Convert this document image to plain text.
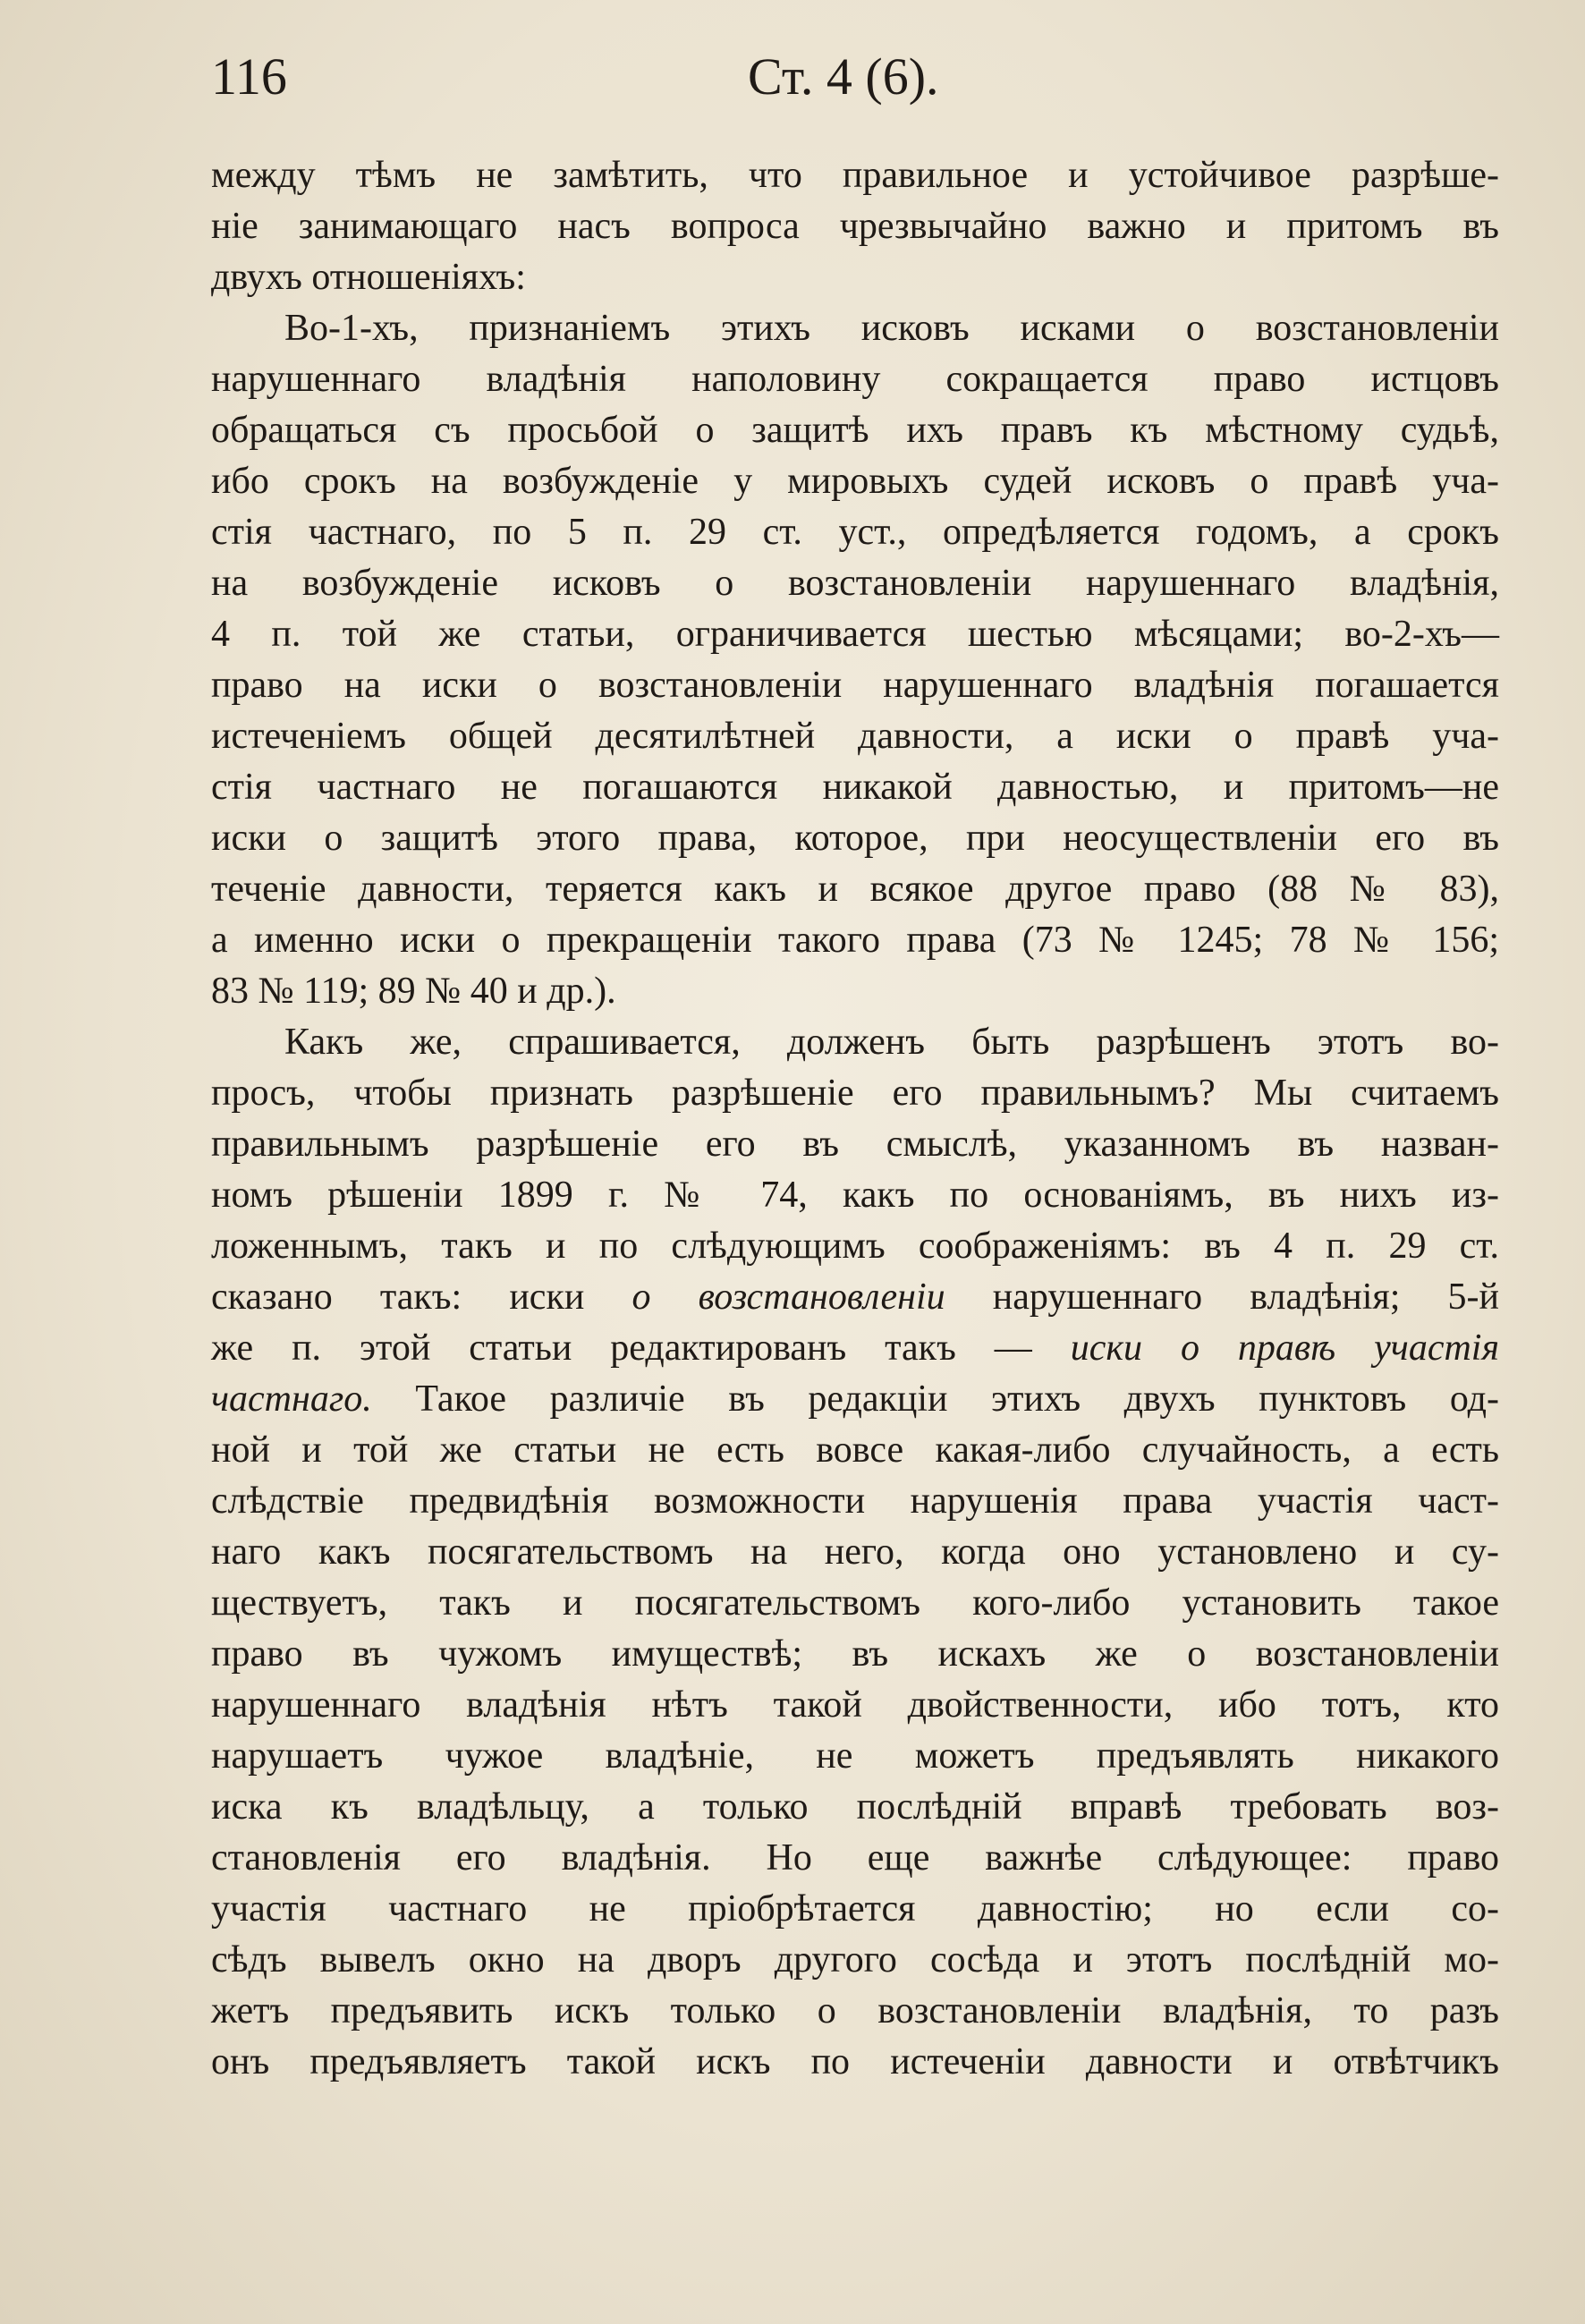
116	Ст. 4 (6).
между тѣмъ не замѣтить, что правильное и устойчивое разрѣше-
ніе занимающаго насъ вопроса чрезвычайно важно и притомъ въ
двухъ отношеніяхъ:
Во-1-хъ, признаніемъ этихъ исковъ исками о возстановленіи
нарушеннаго владѣнія наполовину сокращается право истцовъ
обращаться съ просьбой о защитѣ ихъ правъ къ мѣстному судьѣ,
ибо срокъ на возбужденіе у мировыхъ судей исковъ о правѣ уча-
стія частнаго, по 5 п. 29 ст. уст., опредѣляется годомъ, а срокъ
на возбужденіе исковъ о возстановленіи нарушеннаго владѣнія,
4 п. той же статьи, ограничивается шестью мѣсяцами; во-2-хъ—
право на иски о возстановленіи нарушеннаго владѣнія погашается
истеченіемъ общей десятилѣтней давности, а иски о правѣ уча-
стія частнаго не погашаются никакой давностью, и притомъ—не
иски о защитѣ этого права, которое, при неосуществленіи его въ
теченіе давности, теряется какъ и всякое другое право (88 № 83),
а именно иски о прекращеніи такого права (73 № 1245; 78 № 156;
83 № 119; 89 № 40 и др.).
Какъ же, спрашивается, долженъ быть разрѣшенъ этотъ во-
просъ, чтобы признать разрѣшеніе его правильнымъ? Мы считаемъ
правильнымъ разрѣшеніе его въ смыслѣ, указанномъ въ назван-
номъ рѣшеніи 1899 г. № 74, какъ по основаніямъ, въ нихъ из-
ложеннымъ, такъ и по слѣдующимъ соображеніямъ: въ 4 п. 29 ст.
сказано такъ: иски о возстановленіи нарушеннаго владѣнія; 5-й
же п. этой статьи редактированъ такъ — иски о правѣ участія
частнаго. Такое различіе въ редакціи этихъ двухъ пунктовъ од-
ной и той же статьи не есть вовсе какая-либо случайность, а есть
слѣдствіе предвидѣнія возможности нарушенія права участія част-
наго какъ посягательствомъ на него, когда оно установлено и су-
ществуетъ, такъ и посягательствомъ кого-либо установить такое
право въ чужомъ имуществѣ; въ искахъ же о возстановленіи
нарушеннаго владѣнія нѣтъ такой двойственности, ибо тотъ, кто
нарушаетъ чужое владѣніе, не можетъ предъявлять никакого
иска къ владѣльцу, а только послѣдній вправѣ требовать воз-
становленія его владѣнія. Но еще важнѣе слѣдующее: право
участія частнаго не пріобрѣтается давностію; но если со-
сѣдъ вывелъ окно на дворъ другого сосѣда и этотъ послѣдній мо-
жетъ предъявить искъ только о возстановленіи владѣнія, то разъ
онъ предъявляетъ такой искъ по истеченіи давности и отвѣтчикъ
